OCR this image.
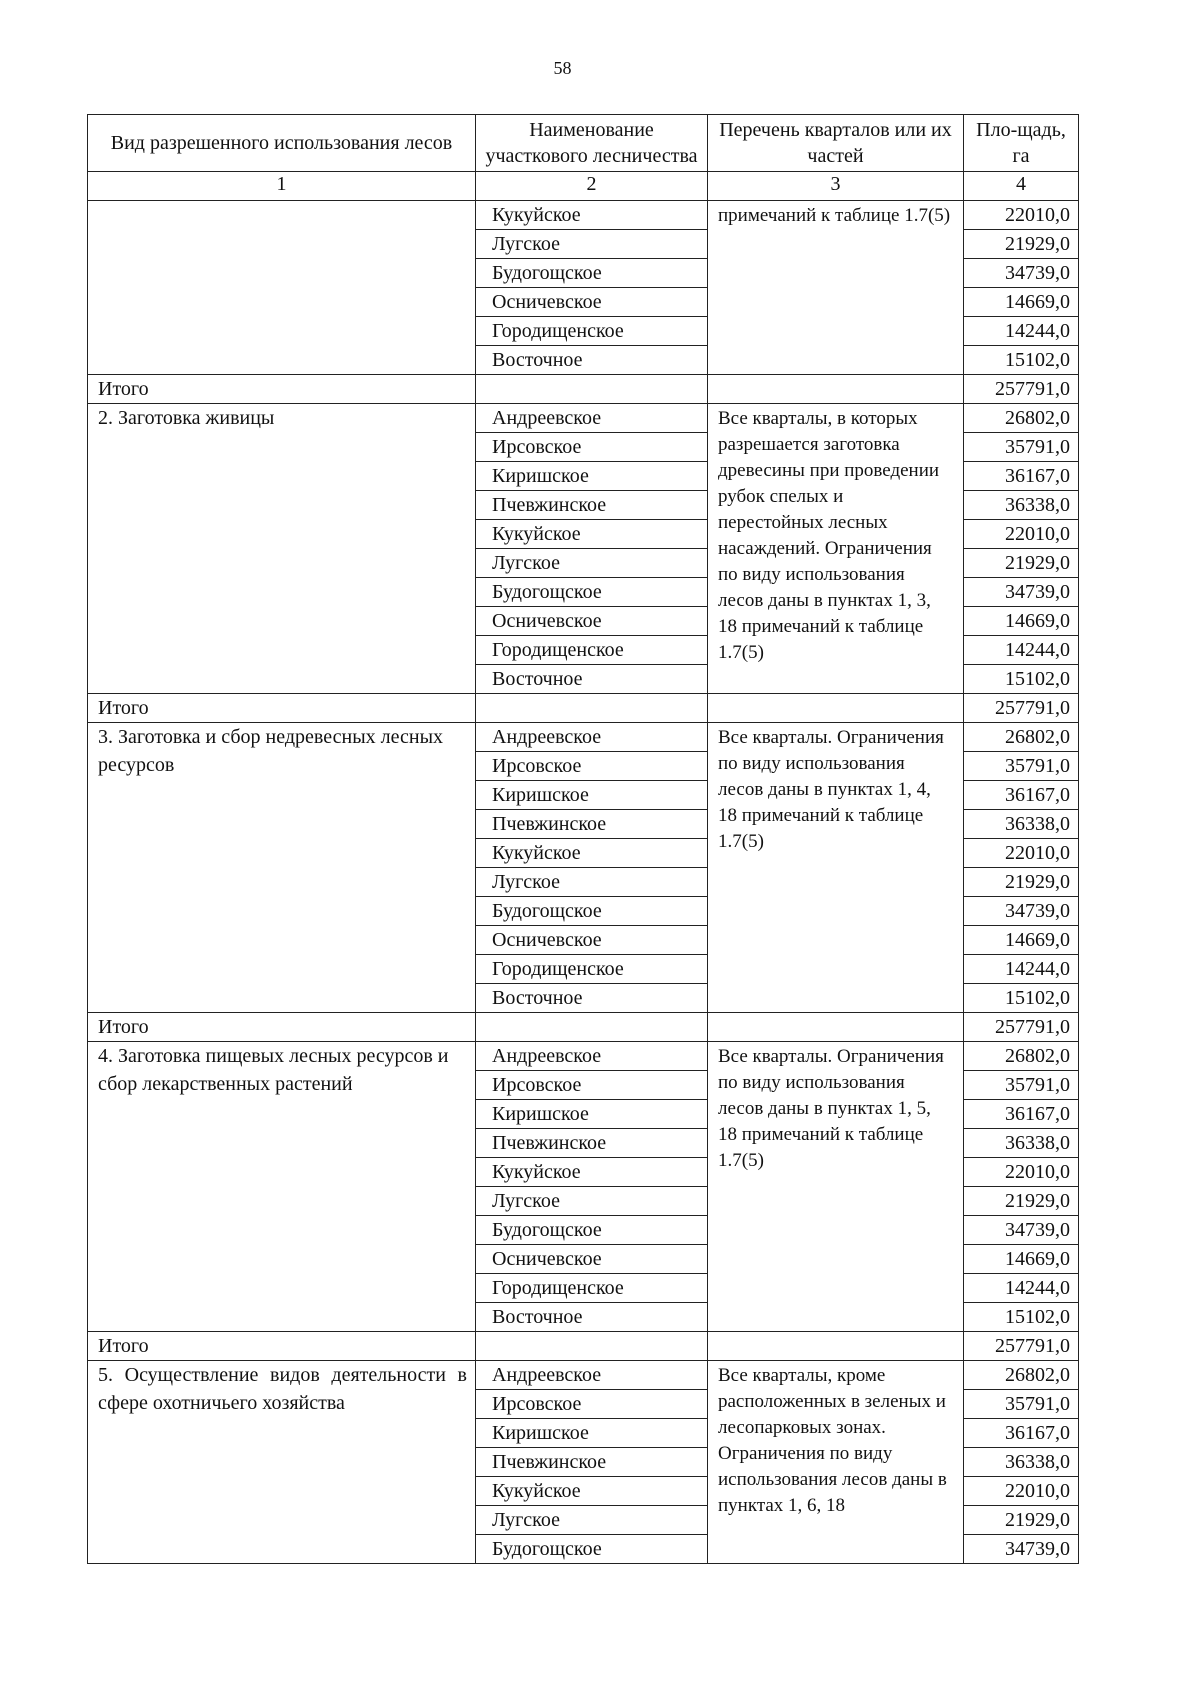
58
Вид разрешенного использования лесов	Наименование участкового лесничества	Перечень кварталов или их частей	Пло-щадь, га
1	2	3	4
	Кукуйское	примечаний к таблице 1.7(5)	22010,0
	Лугское		21929,0
	Будогощское		34739,0
	Осничевское		14669,0
	Городищенское		14244,0
	Восточное		15102,0
Итого			257791,0
2. Заготовка живицы	Андреевское	Все кварталы, в которых разрешается заготовка древесины при проведении рубок спелых и перестойных лесных насаждений. Ограничения по виду использования лесов даны в пунктах 1, 3, 18 примечаний к таблице 1.7(5)	26802,0
	Ирсовское		35791,0
	Киришское		36167,0
	Пчевжинское		36338,0
	Кукуйское		22010,0
	Лугское		21929,0
	Будогощское		34739,0
	Осничевское		14669,0
	Городищенское		14244,0
	Восточное		15102,0
Итого			257791,0
3. Заготовка и сбор недревесных лесных ресурсов	Андреевское	Все кварталы. Ограничения по виду использования лесов даны в пунктах 1, 4, 18 примечаний к таблице 1.7(5)	26802,0
	Ирсовское		35791,0
	Киришское		36167,0
	Пчевжинское		36338,0
	Кукуйское		22010,0
	Лугское		21929,0
	Будогощское		34739,0
	Осничевское		14669,0
	Городищенское		14244,0
	Восточное		15102,0
Итого			257791,0
4. Заготовка пищевых лесных ресурсов и сбор лекарственных растений	Андреевское	Все кварталы. Ограничения по виду использования лесов даны в пунктах 1, 5, 18 примечаний к таблице 1.7(5)	26802,0
	Ирсовское		35791,0
	Киришское		36167,0
	Пчевжинское		36338,0
	Кукуйское		22010,0
	Лугское		21929,0
	Будогощское		34739,0
	Осничевское		14669,0
	Городищенское		14244,0
	Восточное		15102,0
Итого			257791,0
5. Осуществление видов деятельности в сфере охотничьего хозяйства	Андреевское	Все кварталы, кроме расположенных в зеленых и лесопарковых зонах. Ограничения по виду использования лесов даны в пунктах 1, 6, 18	26802,0
	Ирсовское		35791,0
	Киришское		36167,0
	Пчевжинское		36338,0
	Кукуйское		22010,0
	Лугское		21929,0
	Будогощское		34739,0
